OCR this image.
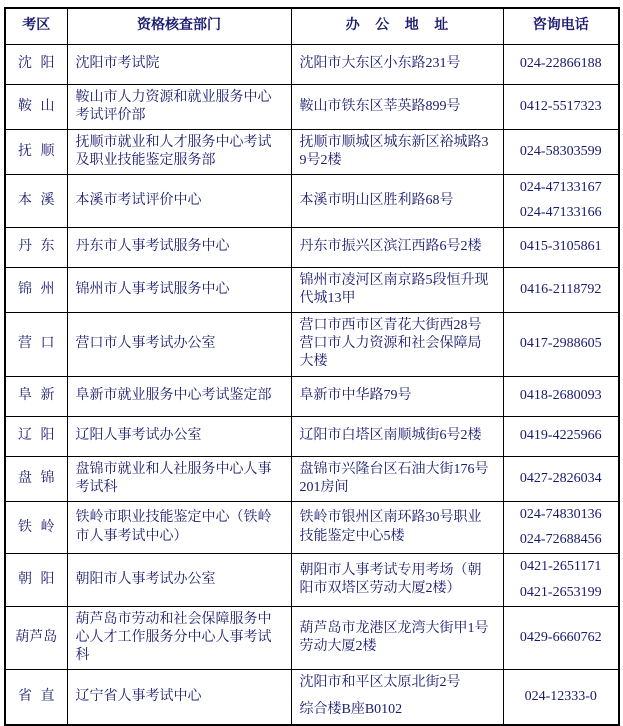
考区	资格核查部门	办 公 地 址	咨询电话
沈 阳	沈阳市考试院	沈阳市大东区小东路231号	024-22866188

鞍 山	鞍山市人力资源和就业服务中心考试评价部	鞍山市铁东区莘英路899号	0412-5517323

抚 顺	抚顺市就业和人才服务中心考试及职业技能鉴定服务部	抚顺市顺城区城东新区裕城路39号2楼	024-58303599

本 溪	本溪市考试评价中心	本溪市明山区胜利路68号	024-47133167
024-47133166

丹 东	丹东市人事考试服务中心	丹东市振兴区滨江西路6号2楼	0415-3105861

锦 州	锦州市人事考试服务中心	锦州市凌河区南京路5段恒升现代城13甲	0416-2118792

营 口	营口市人事考试办公室	营口市西市区青花大街西28号营口市人力资源和社会保障局大楼	0417-2988605

阜 新	阜新市就业服务中心考试鉴定部	阜新市中华路79号	0418-2680093

辽 阳	辽阳人事考试办公室	辽阳市白塔区南顺城街6号2楼	0419-4225966

盘 锦	盘锦市就业和人社服务中心人事考试科	盘锦市兴隆台区石油大街176号201房间	0427-2826034

铁 岭	铁岭市职业技能鉴定中心（铁岭市人事考试中心）	铁岭市银州区南环路30号职业技能鉴定中心5楼	024-74830136
024-72688456

朝 阳	朝阳市人事考试办公室	朝阳市人事考试专用考场（朝阳市双塔区劳动大厦2楼）	0421-2651171
0421-2653199

葫芦岛	葫芦岛市劳动和社会保障服务中心人才工作服务分中心人事考试科	葫芦岛市龙港区龙湾大街甲1号劳动大厦2楼	0429-6660762

省 直	辽宁省人事考试中心	沈阳市和平区太原北街2号
综合楼B座B0102	024-12333-0
